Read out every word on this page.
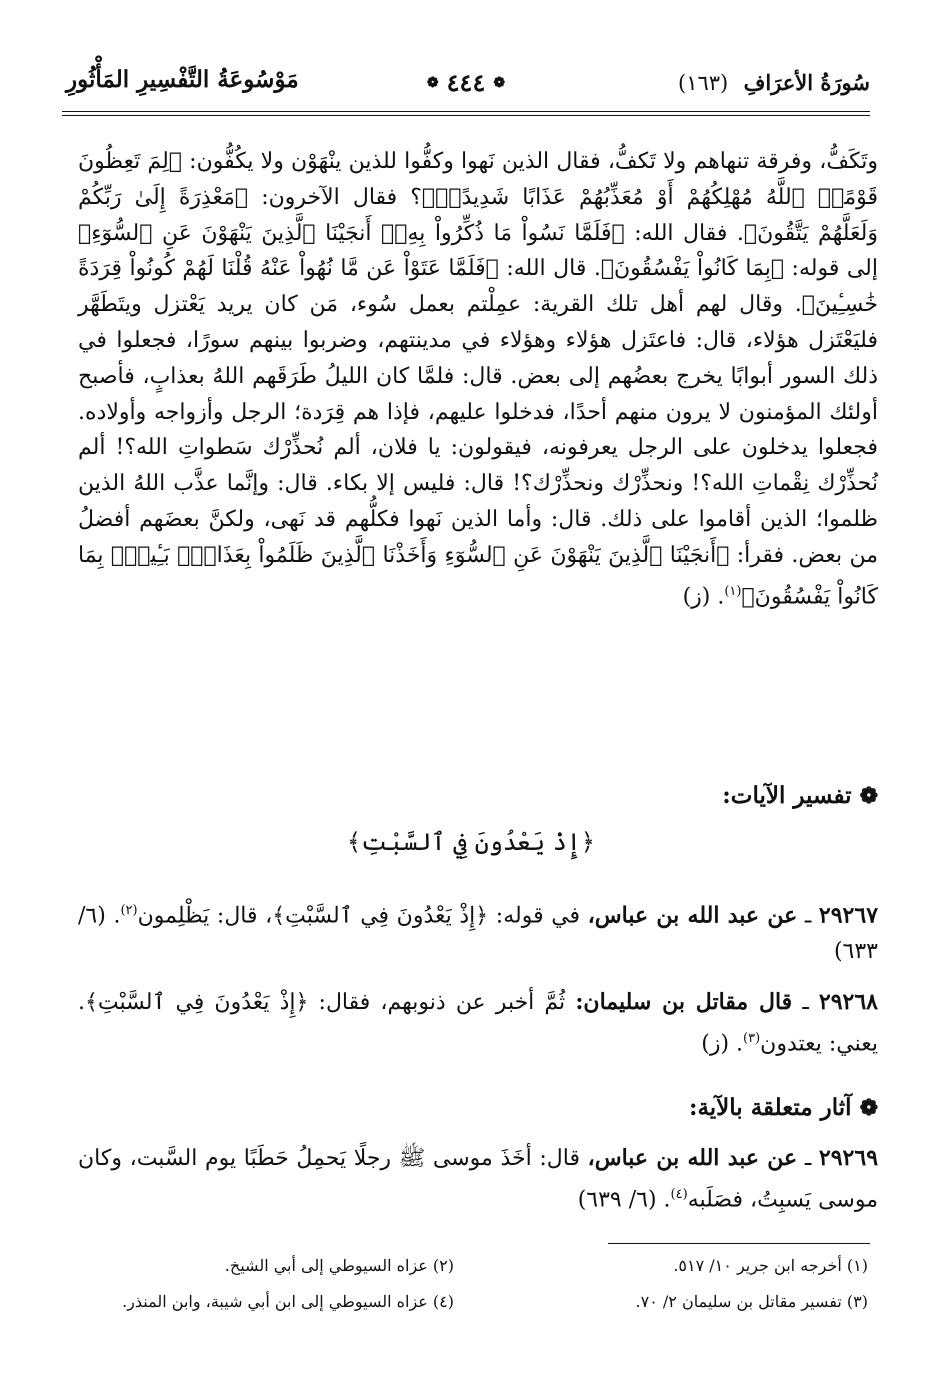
سُورَةُ الأعرَافِ (١٦٣)
❁ ٤٤٤ ❁
مَوْسُوعَةُ التَّفْسِيرِ المَأْثُورِ
وتَكَفُّ، وفرقة تنهاهم ولا تَكفُّ، فقال الذين نَهوا وكفُّوا للذين ينْهَوْن ولا يكُفُّون: ﴿لِمَ تَعِظُونَ قَوْمًاۙ ٱللَّهُ مُهْلِكُهُمْ أَوْ مُعَذِّبُهُمْ عَذَابًا شَدِيدًاۖ﴾؟ فقال الآخرون: ﴿مَعْذِرَةً إِلَىٰ رَبِّكُمْ وَلَعَلَّهُمْ يَتَّقُونَ﴾. فقال الله: ﴿فَلَمَّا نَسُواْ مَا ذُكِّرُواْ بِهِۦٓ أَنجَيْنَا ٱلَّذِينَ يَنْهَوْنَ عَنِ ٱلسُّوٓءِ﴾ إلى قوله: ﴿بِمَا كَانُواْ يَفْسُقُونَ﴾. قال الله: ﴿فَلَمَّا عَتَوْاْ عَن مَّا نُهُواْ عَنْهُ قُلْنَا لَهُمْ كُونُواْ قِرَدَةً خَٰسِـِٔينَ﴾. وقال لهم أهل تلك القرية: عمِلْتم بعمل سُوء، مَن كان يريد يَعْتزل ويتَطَهَّر فليَعْتَزل هؤلاء، قال: فاعتَزل هؤلاء وهؤلاء في مدينتهم، وضربوا بينهم سورًا، فجعلوا في ذلك السور أبوابًا يخرج بعضُهم إلى بعض. قال: فلمَّا كان الليلُ طَرَقَهم اللهُ بعذابٍ، فأصبح أولئك المؤمنون لا يرون منهم أحدًا، فدخلوا عليهم، فإذا هم قِرَدة؛ الرجل وأزواجه وأولاده. فجعلوا يدخلون على الرجل يعرفونه، فيقولون: يا فلان، ألم نُحذِّرْك سَطواتِ الله؟! ألم نُحذِّرْك نِقْماتِ الله؟! ونحذِّرْك ونحذِّرْك؟! قال: فليس إلا بكاء. قال: وإنَّما عذَّب اللهُ الذين ظلموا؛ الذين أقاموا على ذلك. قال: وأما الذين نَهوا فكلُّهم قد نَهى، ولكنَّ بعضَهم أفضلُ من بعض. فقرأ: ﴿أَنجَيْنَا ٱلَّذِينَ يَنْهَوْنَ عَنِ ٱلسُّوٓءِ وَأَخَذْنَا ٱلَّذِينَ ظَلَمُواْ بِعَذَابٍۭ بَـِٔيسٍۭ بِمَا كَانُواْ يَفْسُقُونَ﴾$^{(١)}$. (ز)
❁
تفسير الآيات:
﴿إِذْ يَعْدُونَ فِي ٱلسَّبْتِ﴾
٢٩٢٦٧ ـ عن عبد الله بن عباس، في قوله: ﴿إِذْ يَعْدُونَ فِي ٱلسَّبْتِ﴾، قال: يَظْلِمون$^{(٢)}$. (٦/ ٦٣٣)
٢٩٢٦٨ ـ قال مقاتل بن سليمان: ثُمَّ أخبر عن ذنوبهم، فقال: ﴿إِذْ يَعْدُونَ فِي ٱلسَّبْتِ﴾. يعني: يعتدون$^{(٣)}$. (ز)
❁
آثار متعلقة بالآية:
٢٩٢٦٩ ـ عن عبد الله بن عباس، قال: أخَذَ موسى ﷺ رجلًا يَحمِلُ حَطَبًا يوم السَّبت، وكان موسى يَسبِتُ، فصَلَبه$^{(٤)}$. (٦/ ٦٣٩)
(١) أخرجه ابن جرير ١٠/ ٥١٧.
(٢) عزاه السيوطي إلى أبي الشيخ.
(٣) تفسير مقاتل بن سليمان ٢/ ٧٠.
(٤) عزاه السيوطي إلى ابن أبي شيبة، وابن المنذر.
